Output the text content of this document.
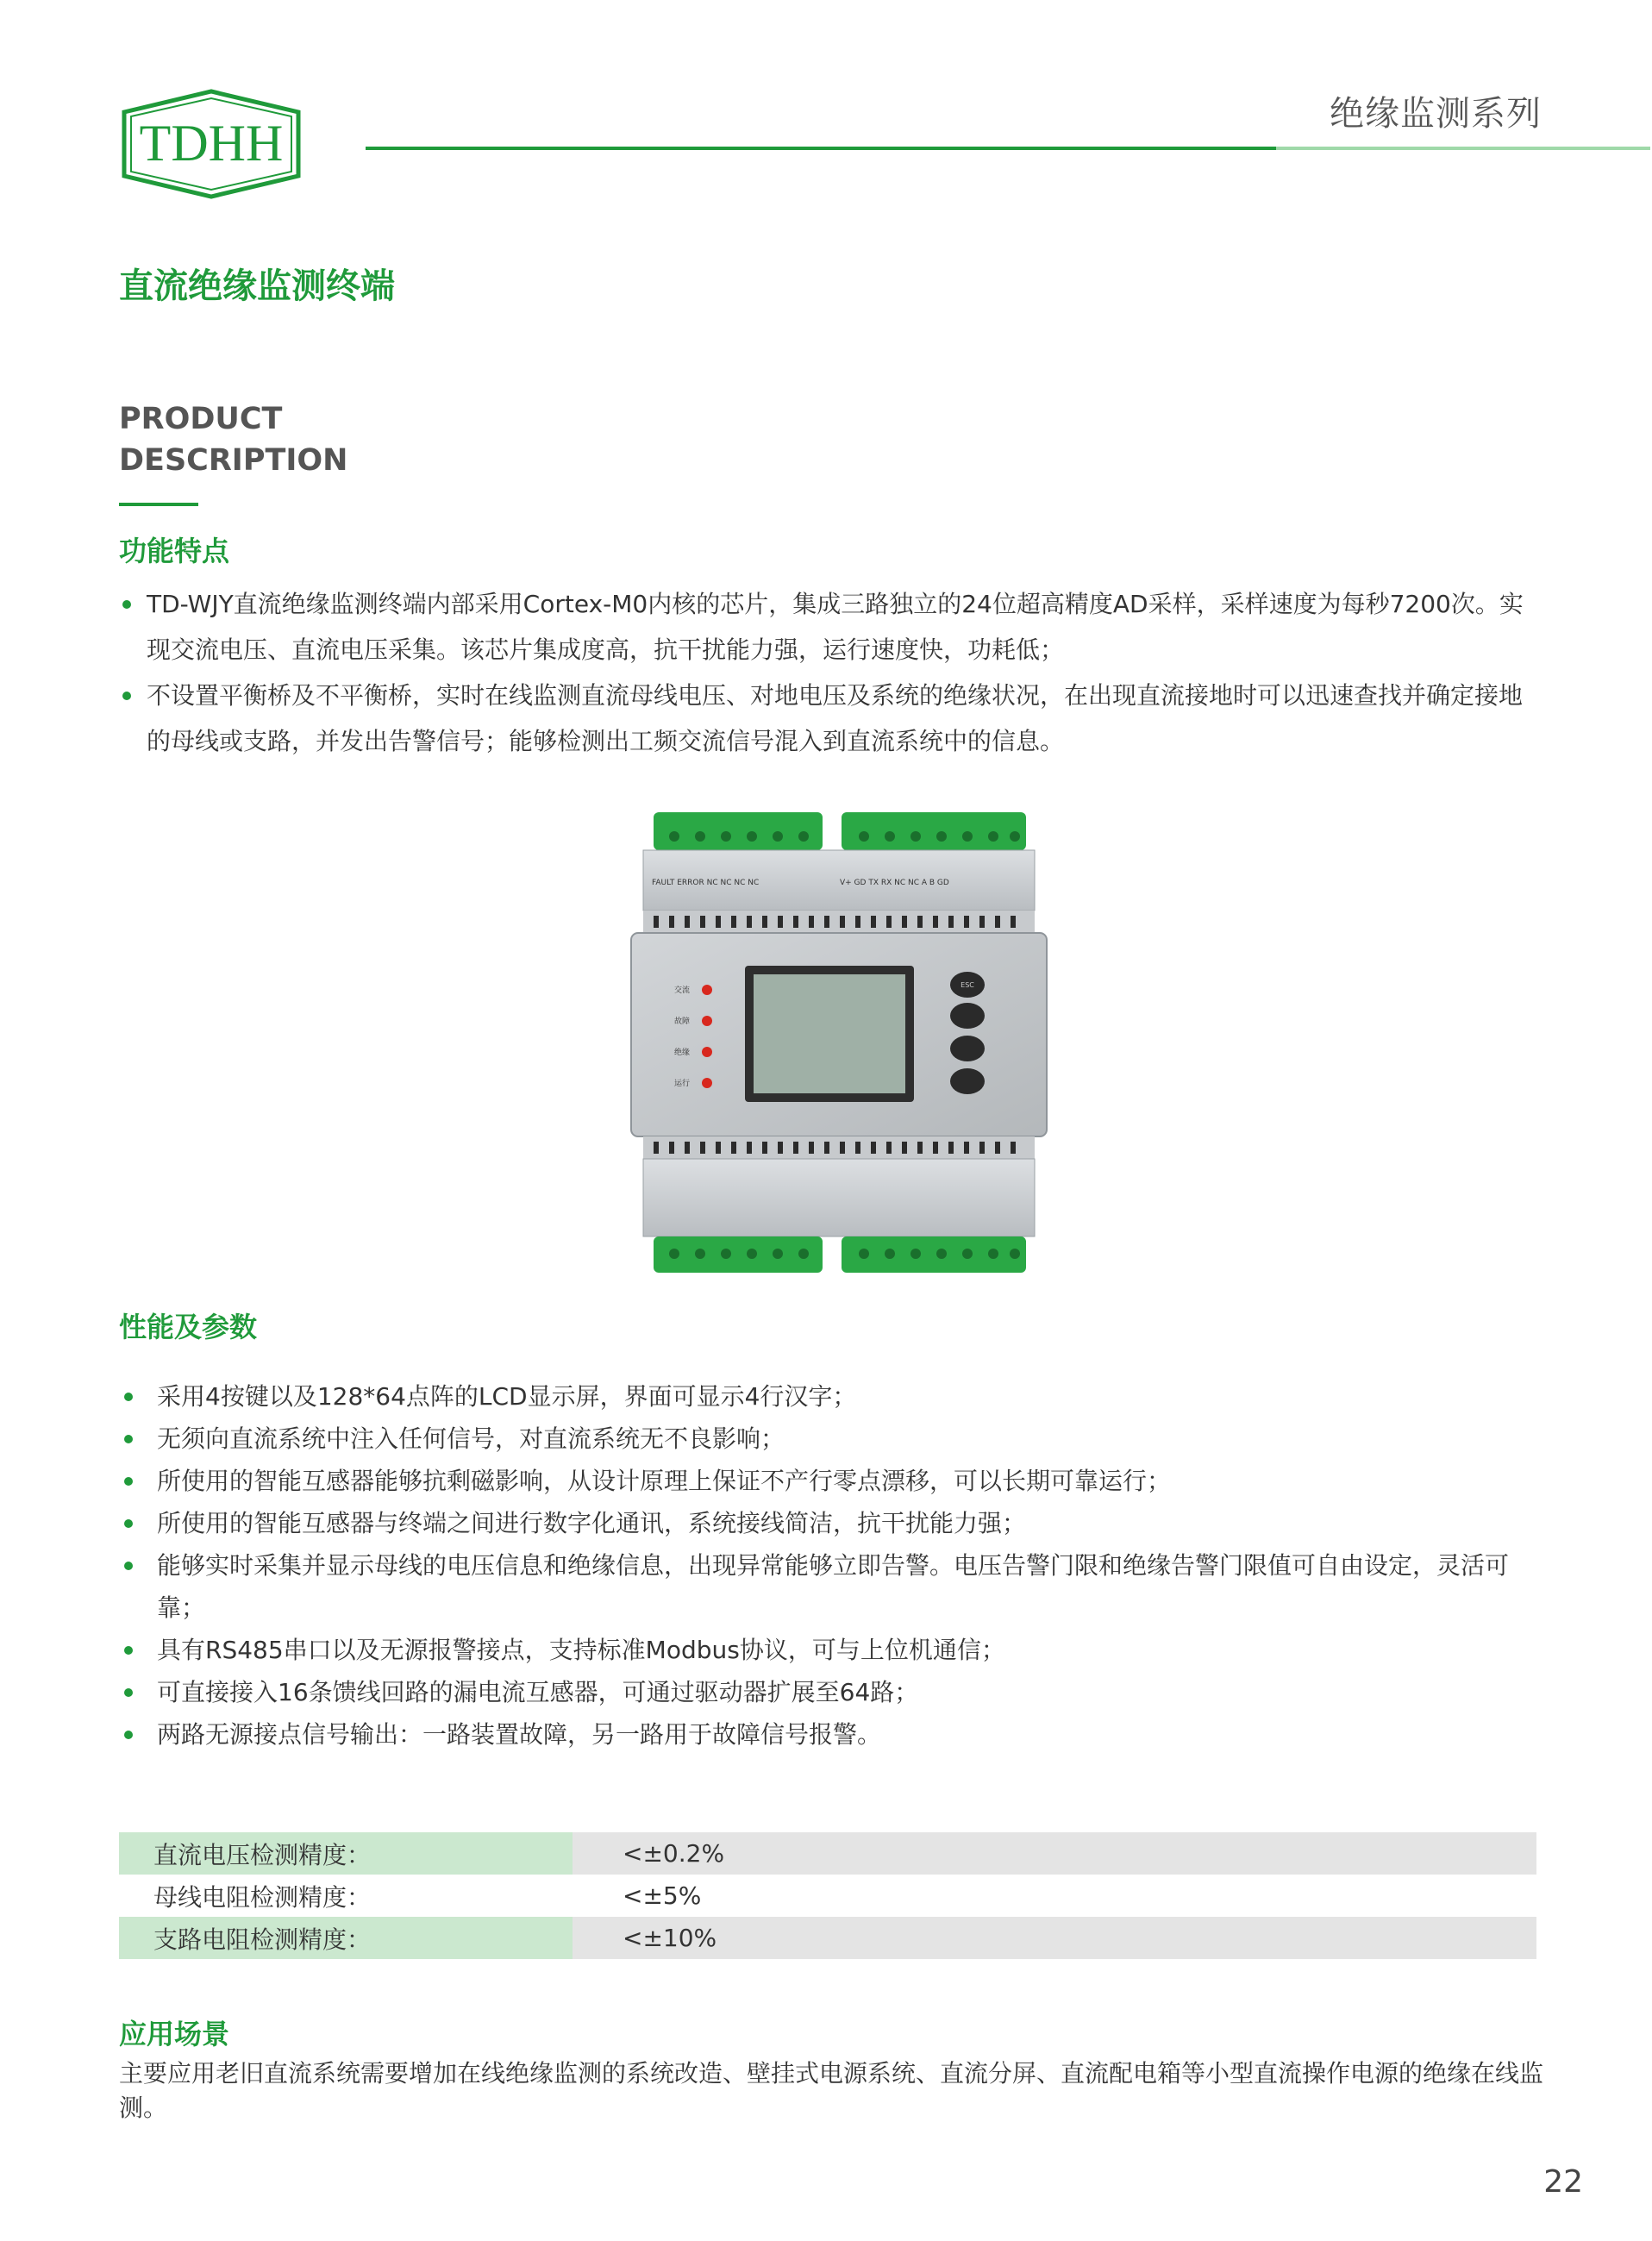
TDHH
绝缘监测系列
直流绝缘监测终端
PRODUCT
DESCRIPTION
功能特点
TD-WJY直流绝缘监测终端内部采用Cortex-M0内核的芯片，集成三路独立的24位超高精度AD采样，采样速度为每秒7200次。实现交流电压、直流电压采集。该芯片集成度高，抗干扰能力强，运行速度快，功耗低；
不设置平衡桥及不平衡桥，实时在线监测直流母线电压、对地电压及系统的绝缘状况，在出现直流接地时可以迅速查找并确定接地的母线或支路，并发出告警信号；能够检测出工频交流信号混入到直流系统中的信息。
FAULT ERROR NC NC NC NC	V+ GD TX RX NC NC A B GD
交流
故障
绝缘
运行
ESC
性能及参数
采用4按键以及128*64点阵的LCD显示屏，界面可显示4行汉字；
无须向直流系统中注入任何信号，对直流系统无不良影响；
所使用的智能互感器能够抗剩磁影响，从设计原理上保证不产行零点漂移，可以长期可靠运行；
所使用的智能互感器与终端之间进行数字化通讯，系统接线简洁，抗干扰能力强；
能够实时采集并显示母线的电压信息和绝缘信息，出现异常能够立即告警。电压告警门限和绝缘告警门限值可自由设定，灵活可靠；
具有RS485串口以及无源报警接点，支持标准Modbus协议，可与上位机通信；
可直接接入16条馈线回路的漏电流互感器，可通过驱动器扩展至64路；
两路无源接点信号输出：一路装置故障，另一路用于故障信号报警。
直流电压检测精度：	<±0.2%
母线电阻检测精度：	<±5%
支路电阻检测精度：	<±10%
应用场景
主要应用老旧直流系统需要增加在线绝缘监测的系统改造、壁挂式电源系统、直流分屏、直流配电箱等小型直流操作电源的绝缘在线监测。
22
